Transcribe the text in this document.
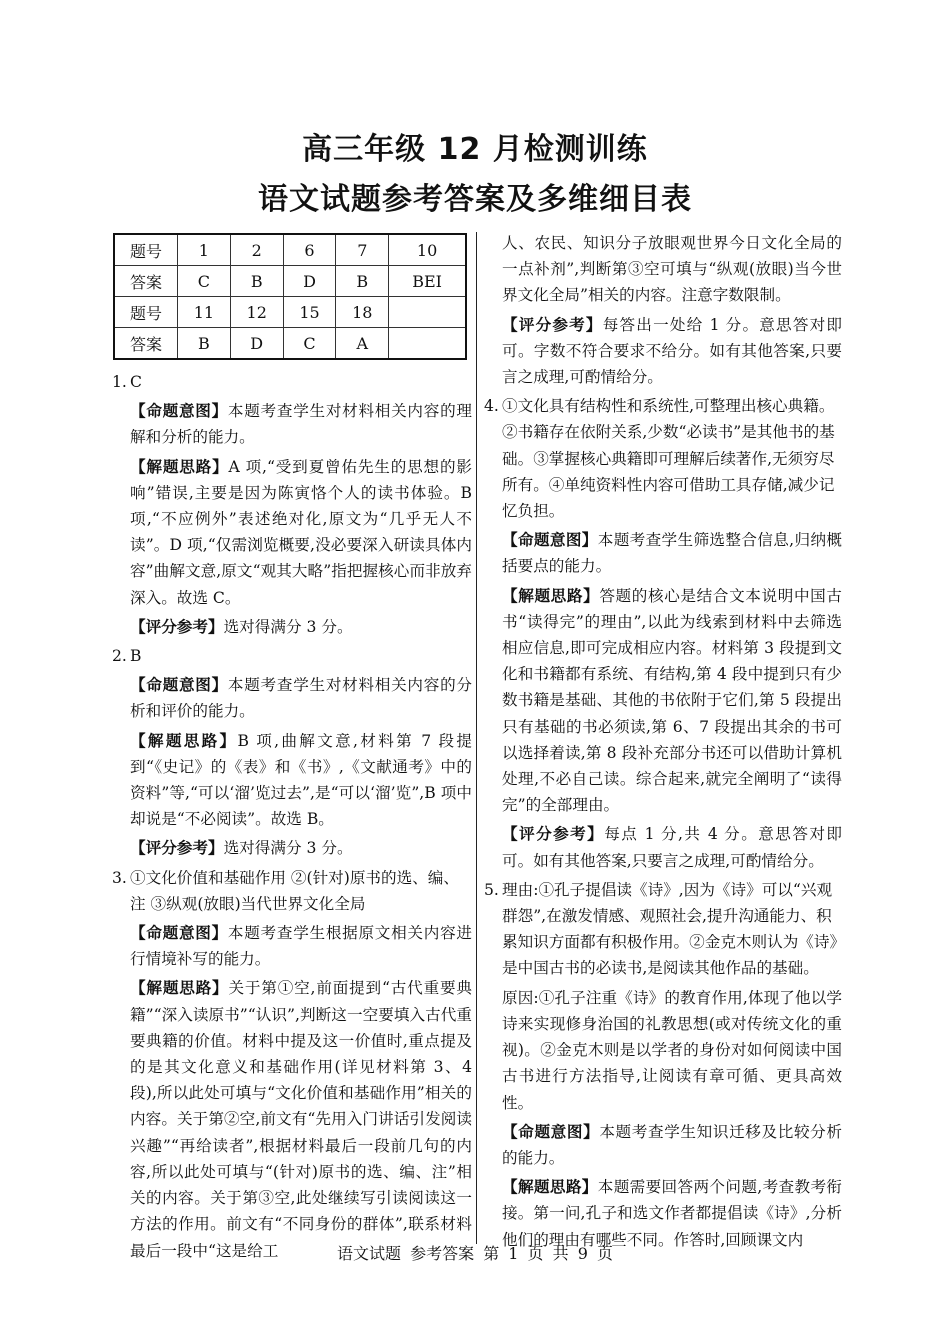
高三年级 12 月检测训练
语文试题参考答案及多维细目表
题号	1	2	6	7	10
答案	C	B	D	B	BEI
题号	11	12	15	18	
答案	B	D	C	A	
1. C

【命题意图】本题考查学生对材料相关内容的理解和分析的能力。

【解题思路】A 项,“受到夏曾佑先生的思想的影响”错误,主要是因为陈寅恪个人的读书体验。B 项,“不应例外”表述绝对化,原文为“几乎无人不读”。D 项,“仅需浏览概要,没必要深入研读具体内容”曲解文意,原文“观其大略”指把握核心而非放弃深入。故选 C。

【评分参考】选对得满分 3 分。

2. B

【命题意图】本题考查学生对材料相关内容的分析和评价的能力。

【解题思路】B 项,曲解文意,材料第 7 段提到“《史记》的《表》和《书》,《文献通考》中的资料”等,“可以‘溜’览过去”,是“可以‘溜’览”,B 项中却说是“不必阅读”。故选 B。

【评分参考】选对得满分 3 分。

3. ①文化价值和基础作用 ②(针对)原书的选、编、注 ③纵观(放眼)当代世界文化全局

【命题意图】本题考查学生根据原文相关内容进行情境补写的能力。

【解题思路】关于第①空,前面提到“古代重要典籍”“深入读原书”“认识”,判断这一空要填入古代重要典籍的价值。材料中提及这一价值时,重点提及的是其文化意义和基础作用(详见材料第 3、4 段),所以此处可填与“文化价值和基础作用”相关的内容。关于第②空,前文有“先用入门讲话引发阅读兴趣”“再给读者”,根据材料最后一段前几句的内容,所以此处可填与“(针对)原书的选、编、注”相关的内容。关于第③空,此处继续写引读阅读这一方法的作用。前文有“不同身份的群体”,联系材料最后一段中“这是给工

人、农民、知识分子放眼观世界今日文化全局的一点补剂”,判断第③空可填与“纵观(放眼)当今世界文化全局”相关的内容。注意字数限制。

【评分参考】每答出一处给 1 分。意思答对即可。字数不符合要求不给分。如有其他答案,只要言之成理,可酌情给分。

4. ①文化具有结构性和系统性,可整理出核心典籍。②书籍存在依附关系,少数“必读书”是其他书的基础。③掌握核心典籍即可理解后续著作,无须穷尽所有。④单纯资料性内容可借助工具存储,减少记忆负担。

【命题意图】本题考查学生筛选整合信息,归纳概括要点的能力。

【解题思路】答题的核心是结合文本说明中国古书“读得完”的理由”,以此为线索到材料中去筛选相应信息,即可完成相应内容。材料第 3 段提到文化和书籍都有系统、有结构,第 4 段中提到只有少数书籍是基础、其他的书依附于它们,第 5 段提出只有基础的书必须读,第 6、7 段提出其余的书可以选择着读,第 8 段补充部分书还可以借助计算机处理,不必自己读。综合起来,就完全阐明了“读得完”的全部理由。

【评分参考】每点 1 分,共 4 分。意思答对即可。如有其他答案,只要言之成理,可酌情给分。

5. 理由:①孔子提倡读《诗》,因为《诗》可以“兴观群怨”,在激发情感、观照社会,提升沟通能力、积累知识方面都有积极作用。②金克木则认为《诗》是中国古书的必读书,是阅读其他作品的基础。

原因:①孔子注重《诗》的教育作用,体现了他以学诗来实现修身治国的礼教思想(或对传统文化的重视)。②金克木则是以学者的身份对如何阅读中国古书进行方法指导,让阅读有章可循、更具高效性。

【命题意图】本题考查学生知识迁移及比较分析的能力。

【解题思路】本题需要回答两个问题,考查教考衔接。第一问,孔子和选文作者都提倡读《诗》,分析他们的理由有哪些不同。作答时,回顾课文内

语文试题 参考答案 第 1 页 共 9 页
